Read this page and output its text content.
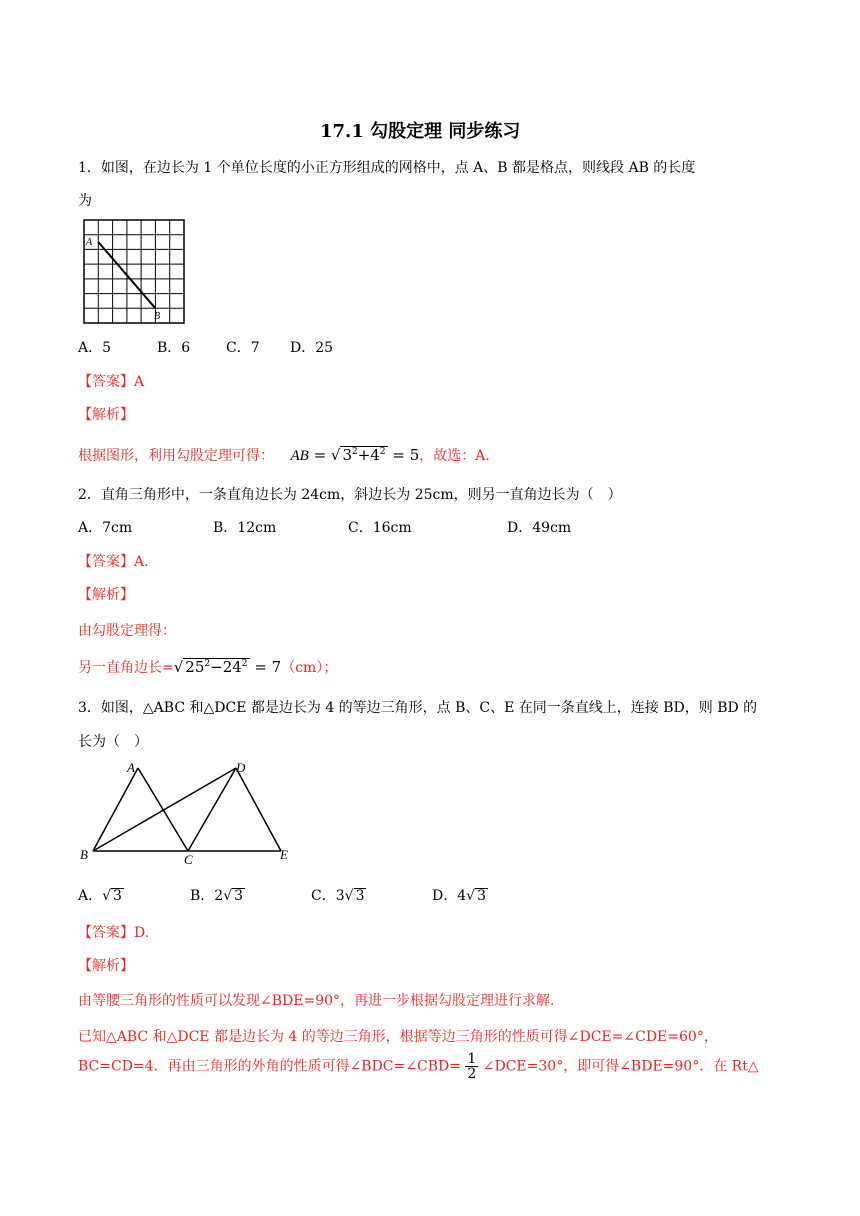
17.1 勾股定理 同步练习
1．如图，在边长为 1 个单位长度的小正方形组成的网格中，点 A、B 都是格点，则线段 AB 的长度
为
A
B
A．5	B．6	C．7 D．25
【答案】A
【解析】
根据图形，利用勾股定理可得： AB = √ $3^2+4^2 = 5$，故选：A.
2．直角三角形中，一条直角边长为 24cm，斜边长为 25cm，则另一直角边长为（　）
A．7cm	B．12cm	C．16cm	D．49cm
【答案】A.
【解析】
由勾股定理得：
另一直角边长=√ $25^2-24^2 = 7(cm)$；
3．如图，△ABC 和△DCE 都是边长为 4 的等边三角形，点 B、C、E 在同一条直线上，连接 BD，则 BD 的
长为（　）
A
B	C
D
E
A．√ 3	B．2√ 3	C．3√ 3	D．4√ 3
【答案】D.
【解析】
由等腰三角形的性质可以发现∠BDE=90°，再进一步根据勾股定理进行求解.
已知△ABC 和△DCE 都是边长为 4 的等边三角形，根据等边三角形的性质可得∠DCE=∠CDE=60°，
BC=CD=4．再由三角形的外角的性质可得∠BDC=∠CBD= $\frac{1}{2}$ ∠DCE=30°，即可得∠BDE=90°．在 Rt△
